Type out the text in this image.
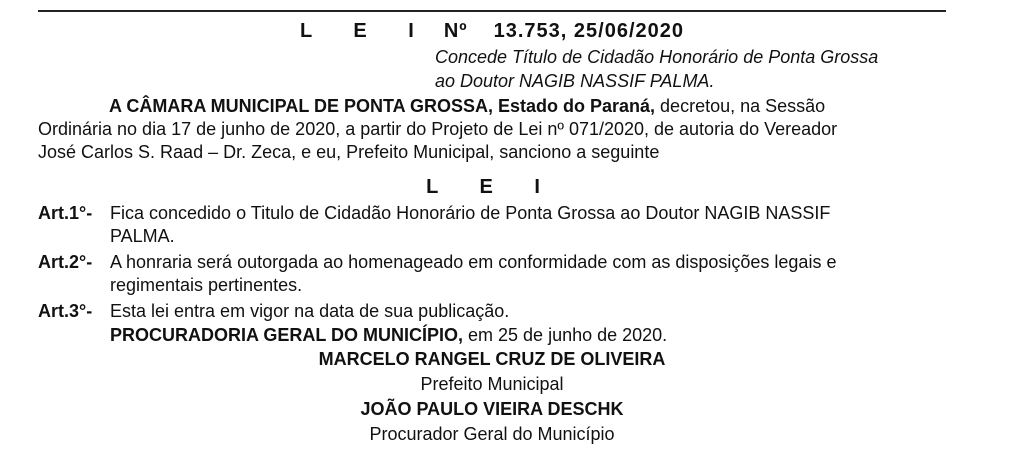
L E I Nº 13.753, 25/06/2020
Concede Título de Cidadão Honorário de Ponta Grossa
ao Doutor NAGIB NASSIF PALMA.
A CÂMARA MUNICIPAL DE PONTA GROSSA, Estado do Paraná, decretou, na Sessão
Ordinária no dia 17 de junho de 2020, a partir do Projeto de Lei nº 071/2020, de autoria do Vereador
José Carlos S. Raad – Dr. Zeca, e eu, Prefeito Municipal, sanciono a seguinte
L E I
Art.1°- Fica concedido o Titulo de Cidadão Honorário de Ponta Grossa ao Doutor NAGIB NASSIF
PALMA.
Art.2°- A honraria será outorgada ao homenageado em conformidade com as disposições legais e
regimentais pertinentes.
Art.3°- Esta lei entra em vigor na data de sua publicação.
PROCURADORIA GERAL DO MUNICÍPIO, em 25 de junho de 2020.
MARCELO RANGEL CRUZ DE OLIVEIRA
Prefeito Municipal
JOÃO PAULO VIEIRA DESCHK
Procurador Geral do Município
